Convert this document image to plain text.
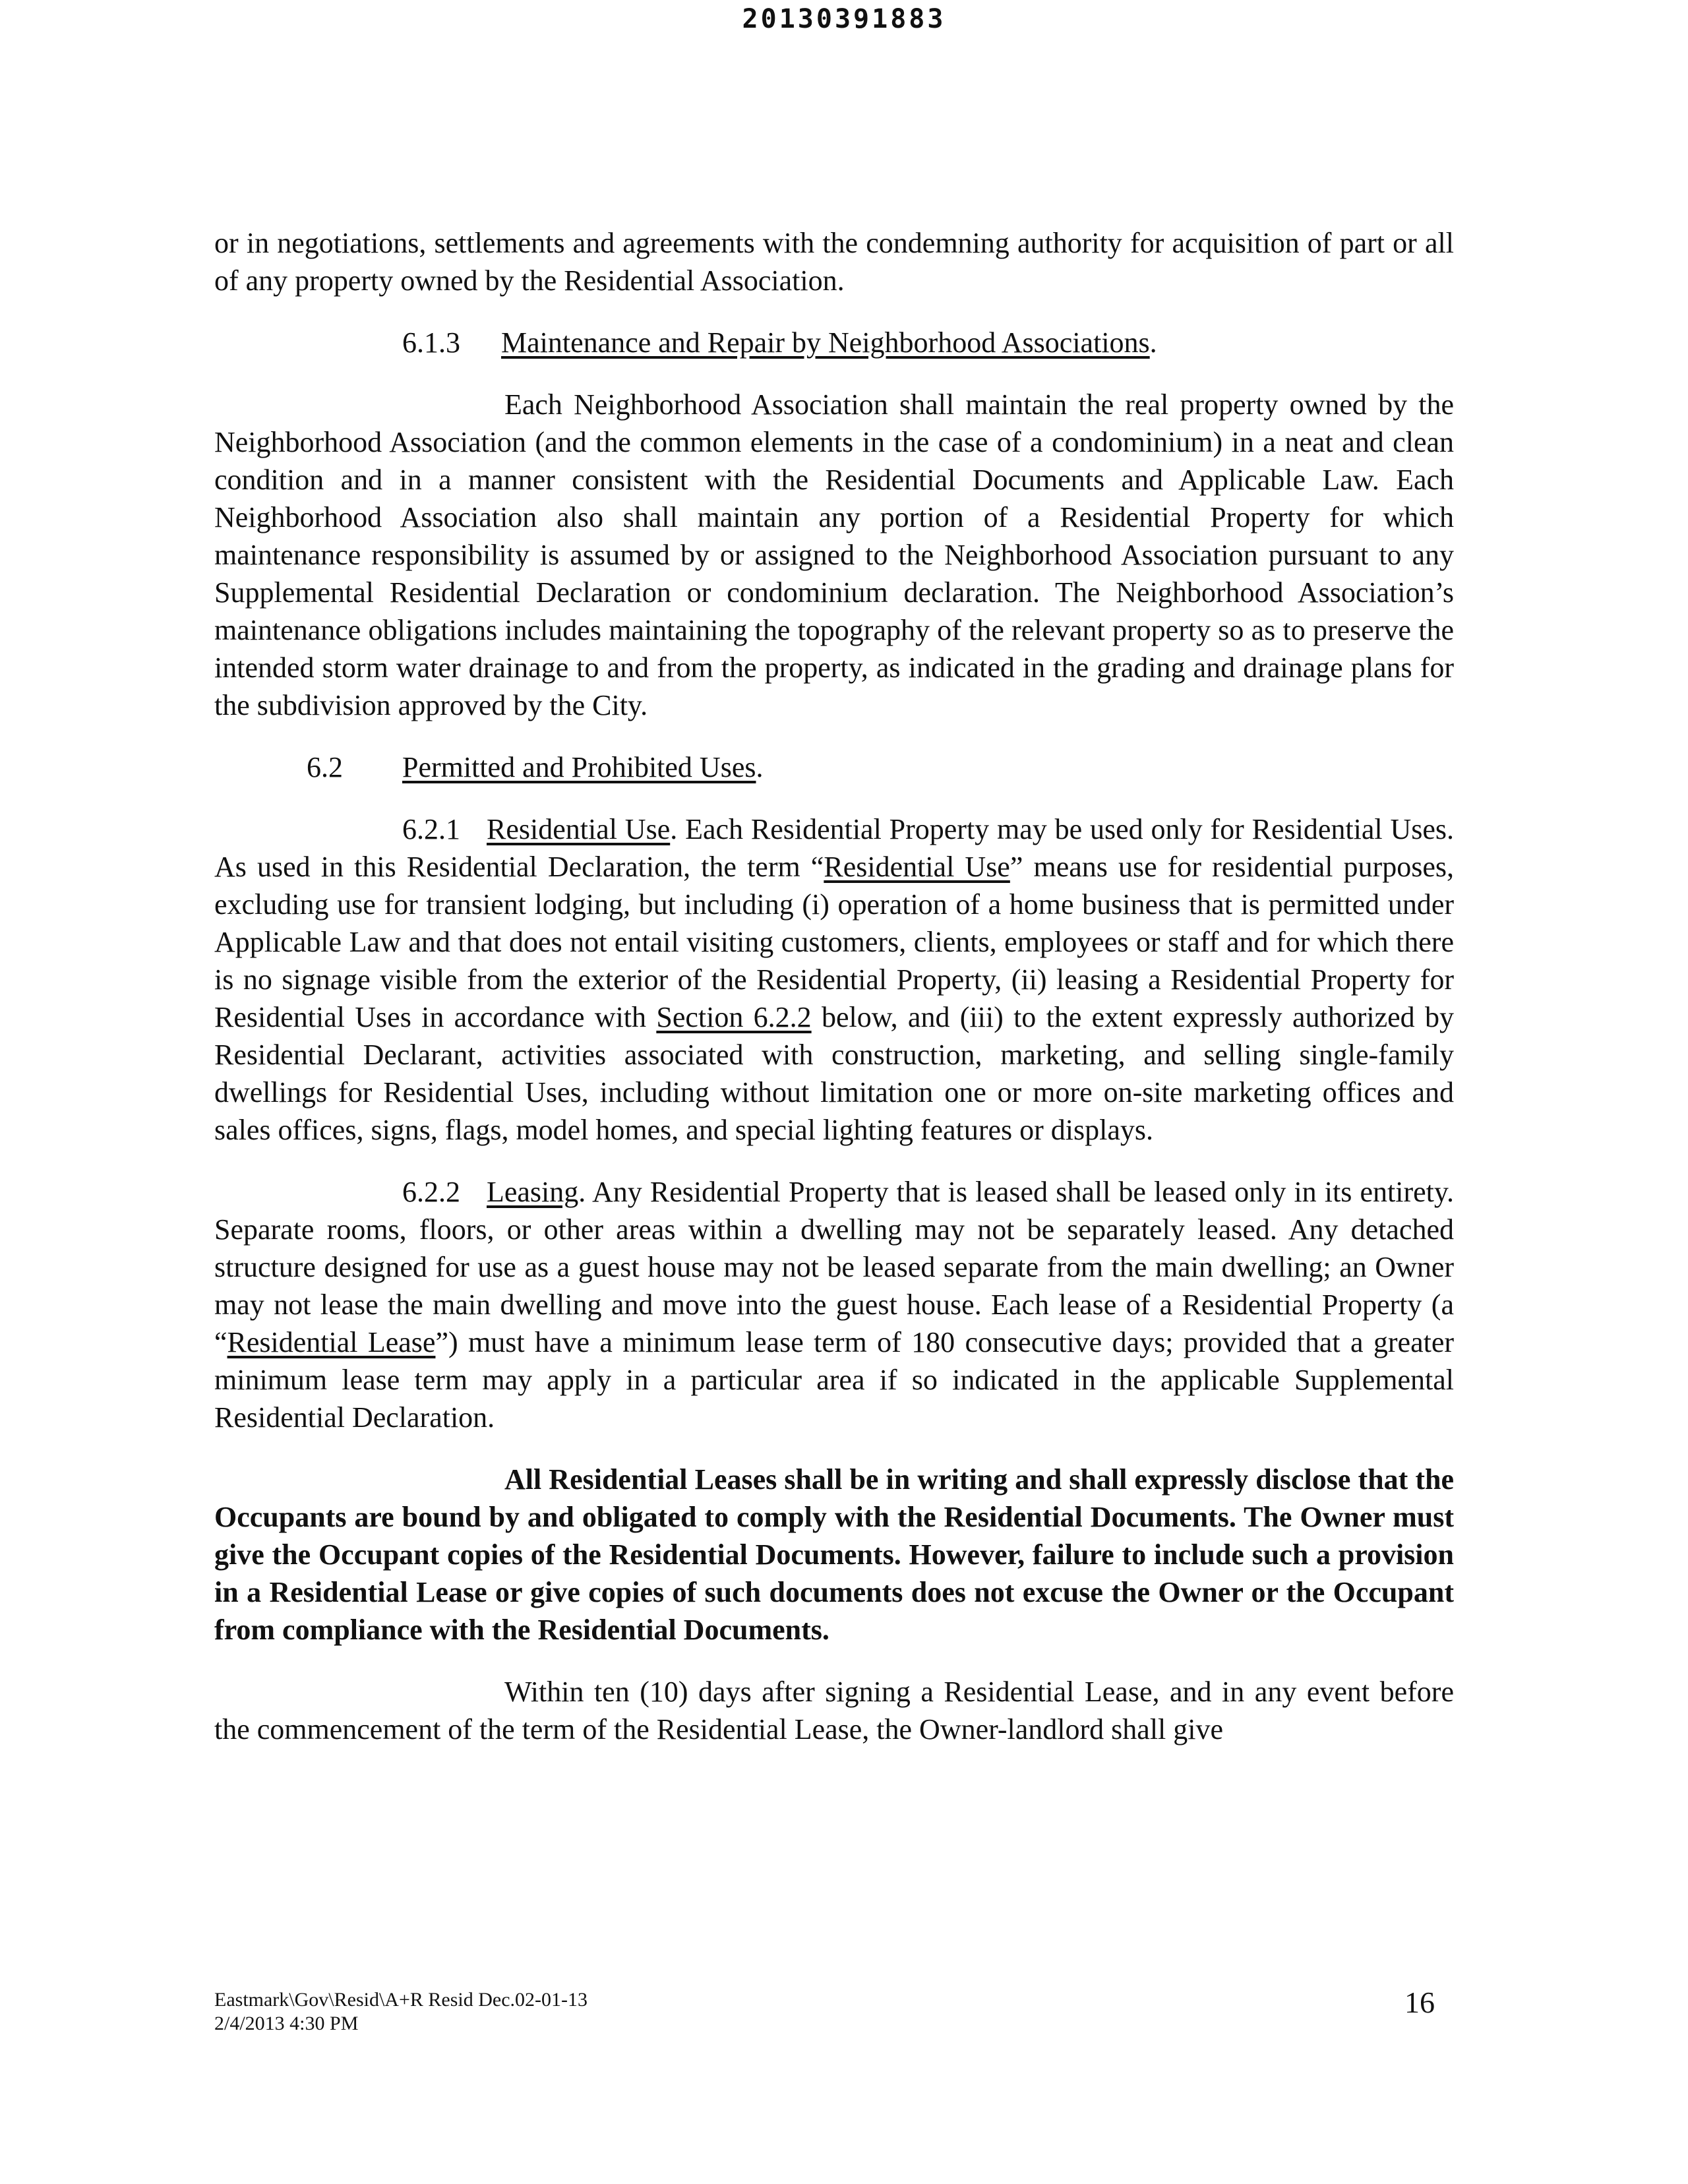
20130391883

or in negotiations, settlements and agreements with the condemning authority for acquisition of part or all of any property owned by the Residential Association.

6.1.3 Maintenance and Repair by Neighborhood Associations.

Each Neighborhood Association shall maintain the real property owned by the Neighborhood Association (and the common elements in the case of a condominium) in a neat and clean condition and in a manner consistent with the Residential Documents and Applicable Law. Each Neighborhood Association also shall maintain any portion of a Residential Property for which maintenance responsibility is assumed by or assigned to the Neighborhood Association pursuant to any Supplemental Residential Declaration or condominium declaration. The Neighborhood Association’s maintenance obligations includes maintaining the topography of the relevant property so as to preserve the intended storm water drainage to and from the property, as indicated in the grading and drainage plans for the subdivision approved by the City.

6.2 Permitted and Prohibited Uses.

6.2.1 Residential Use. Each Residential Property may be used only for Residential Uses. As used in this Residential Declaration, the term “Residential Use” means use for residential purposes, excluding use for transient lodging, but including (i) operation of a home business that is permitted under Applicable Law and that does not entail visiting customers, clients, employees or staff and for which there is no signage visible from the exterior of the Residential Property, (ii) leasing a Residential Property for Residential Uses in accordance with Section 6.2.2 below, and (iii) to the extent expressly authorized by Residential Declarant, activities associated with construction, marketing, and selling single-family dwellings for Residential Uses, including without limitation one or more on-site marketing offices and sales offices, signs, flags, model homes, and special lighting features or displays.

6.2.2 Leasing. Any Residential Property that is leased shall be leased only in its entirety. Separate rooms, floors, or other areas within a dwelling may not be separately leased. Any detached structure designed for use as a guest house may not be leased separate from the main dwelling; an Owner may not lease the main dwelling and move into the guest house. Each lease of a Residential Property (a “Residential Lease”) must have a minimum lease term of 180 consecutive days; provided that a greater minimum lease term may apply in a particular area if so indicated in the applicable Supplemental Residential Declaration.

All Residential Leases shall be in writing and shall expressly disclose that the Occupants are bound by and obligated to comply with the Residential Documents. The Owner must give the Occupant copies of the Residential Documents. However, failure to include such a provision in a Residential Lease or give copies of such documents does not excuse the Owner or the Occupant from compliance with the Residential Documents.

Within ten (10) days after signing a Residential Lease, and in any event before the commencement of the term of the Residential Lease, the Owner-landlord shall give

Eastmark\Gov\Resid\A+R Resid Dec.02-01-13
2/4/2013 4:30 PM
16
